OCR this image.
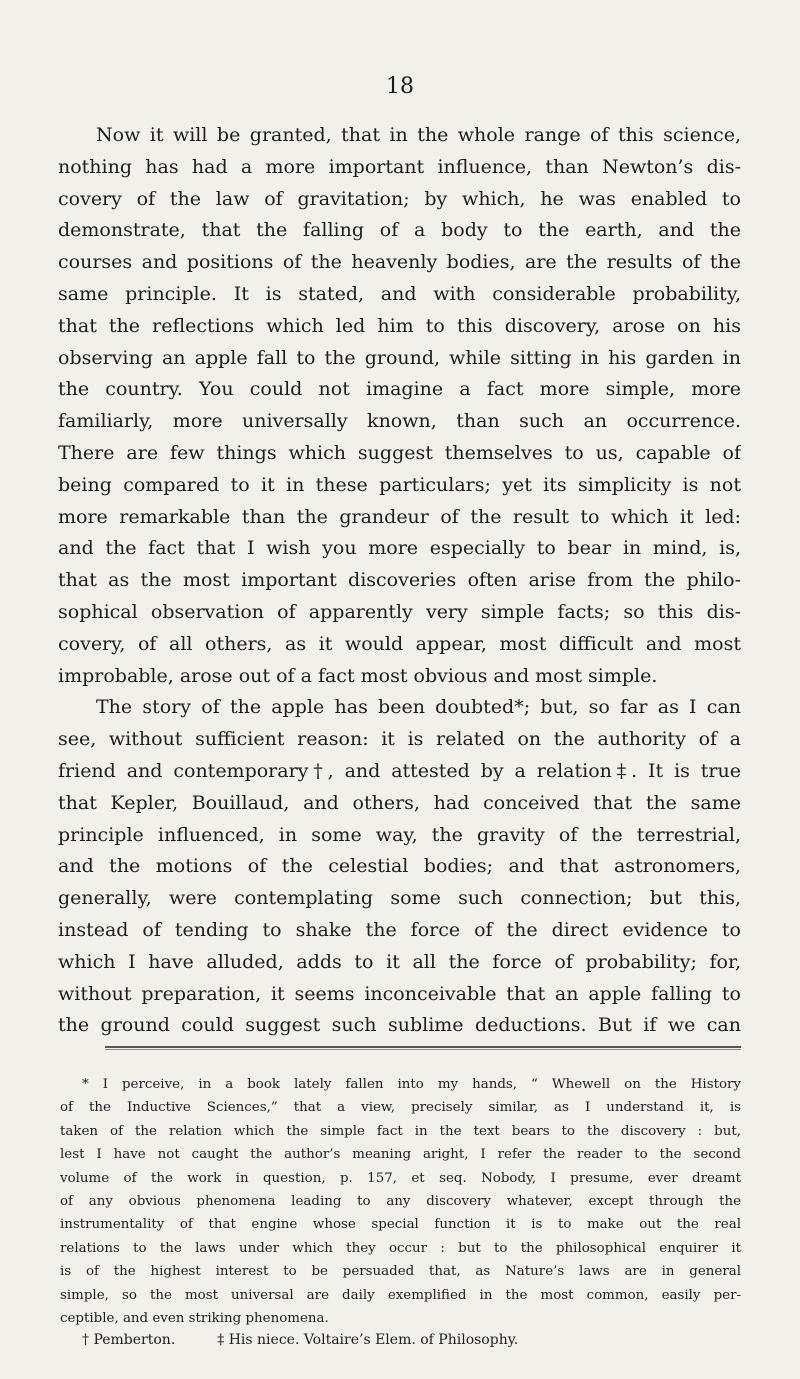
18
Now it will be granted, that in the whole range of this science,
nothing has had a more important influence, than Newton’s dis-
covery of the law of gravitation; by which, he was enabled to
demonstrate, that the falling of a body to the earth, and the
courses and positions of the heavenly bodies, are the results of the
same principle. It is stated, and with considerable probability,
that the reflections which led him to this discovery, arose on his
observing an apple fall to the ground, while sitting in his garden in
the country. You could not imagine a fact more simple, more
familiarly, more universally known, than such an occurrence.
There are few things which suggest themselves to us, capable of
being compared to it in these particulars; yet its simplicity is not
more remarkable than the grandeur of the result to which it led:
and the fact that I wish you more especially to bear in mind, is,
that as the most important discoveries often arise from the philo-
sophical observation of apparently very simple facts; so this dis-
covery, of all others, as it would appear, most difficult and most
improbable, arose out of a fact most obvious and most simple.
The story of the apple has been doubted*; but, so far as I can
see, without sufficient reason: it is related on the authority of a
friend and contemporary†, and attested by a relation‡. It is true
that Kepler, Bouillaud, and others, had conceived that the same
principle influenced, in some way, the gravity of the terrestrial,
and the motions of the celestial bodies; and that astronomers,
generally, were contemplating some such connection; but this,
instead of tending to shake the force of the direct evidence to
which I have alluded, adds to it all the force of probability; for,
without preparation, it seems inconceivable that an apple falling to
the ground could suggest such sublime deductions. But if we can
* I perceive, in a book lately fallen into my hands, “ Whewell on the History
of the Inductive Sciences,” that a view, precisely similar, as I understand it, is
taken of the relation which the simple fact in the text bears to the discovery : but,
lest I have not caught the author’s meaning aright, I refer the reader to the second
volume of the work in question, p. 157, et seq. Nobody, I presume, ever dreamt
of any obvious phenomena leading to any discovery whatever, except through the
instrumentality of that engine whose special function it is to make out the real
relations to the laws under which they occur : but to the philosophical enquirer it
is of the highest interest to be persuaded that, as Nature’s laws are in general
simple, so the most universal are daily exemplified in the most common, easily per-
ceptible, and even striking phenomena.
† Pemberton.	‡ His niece. Voltaire’s Elem. of Philosophy.
